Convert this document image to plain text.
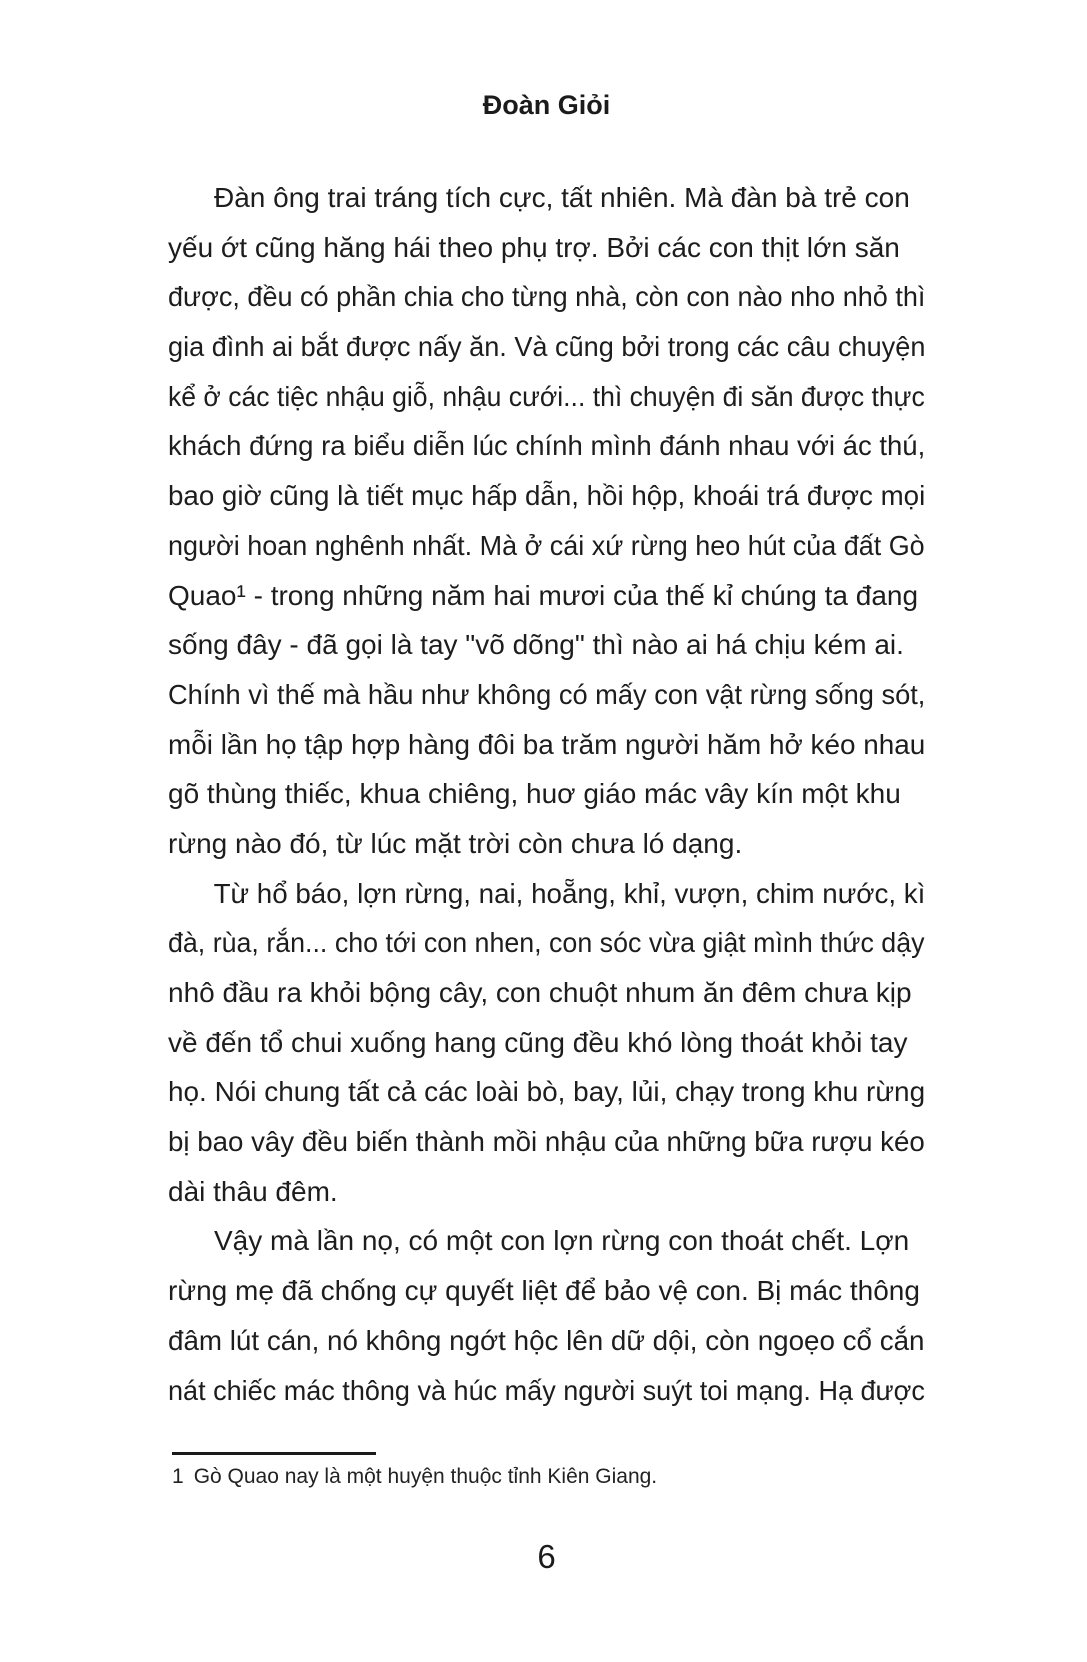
Đoàn Giỏi
Đàn ông trai tráng tích cực, tất nhiên. Mà đàn bà trẻ con
yếu ớt cũng hăng hái theo phụ trợ. Bởi các con thịt lớn săn
được, đều có phần chia cho từng nhà, còn con nào nho nhỏ thì
gia đình ai bắt được nấy ăn. Và cũng bởi trong các câu chuyện
kể ở các tiệc nhậu giỗ, nhậu cưới... thì chuyện đi săn được thực
khách đứng ra biểu diễn lúc chính mình đánh nhau với ác thú,
bao giờ cũng là tiết mục hấp dẫn, hồi hộp, khoái trá được mọi
người hoan nghênh nhất. Mà ở cái xứ rừng heo hút của đất Gò
Quao¹ - trong những năm hai mươi của thế kỉ chúng ta đang
sống đây - đã gọi là tay "võ dõng" thì nào ai há chịu kém ai.
Chính vì thế mà hầu như không có mấy con vật rừng sống sót,
mỗi lần họ tập hợp hàng đôi ba trăm người hăm hở kéo nhau
gõ thùng thiếc, khua chiêng, huơ giáo mác vây kín một khu
rừng nào đó, từ lúc mặt trời còn chưa ló dạng.
Từ hổ báo, lợn rừng, nai, hoẵng, khỉ, vượn, chim nước, kì
đà, rùa, rắn... cho tới con nhen, con sóc vừa giật mình thức dậy
nhô đầu ra khỏi bộng cây, con chuột nhum ăn đêm chưa kịp
về đến tổ chui xuống hang cũng đều khó lòng thoát khỏi tay
họ. Nói chung tất cả các loài bò, bay, lủi, chạy trong khu rừng
bị bao vây đều biến thành mồi nhậu của những bữa rượu kéo
dài thâu đêm.
Vậy mà lần nọ, có một con lợn rừng con thoát chết. Lợn
rừng mẹ đã chống cự quyết liệt để bảo vệ con. Bị mác thông
đâm lút cán, nó không ngớt hộc lên dữ dội, còn ngoẹo cổ cắn
nát chiếc mác thông và húc mấy người suýt toi mạng. Hạ được
1 Gò Quao nay là một huyện thuộc tỉnh Kiên Giang.
6
